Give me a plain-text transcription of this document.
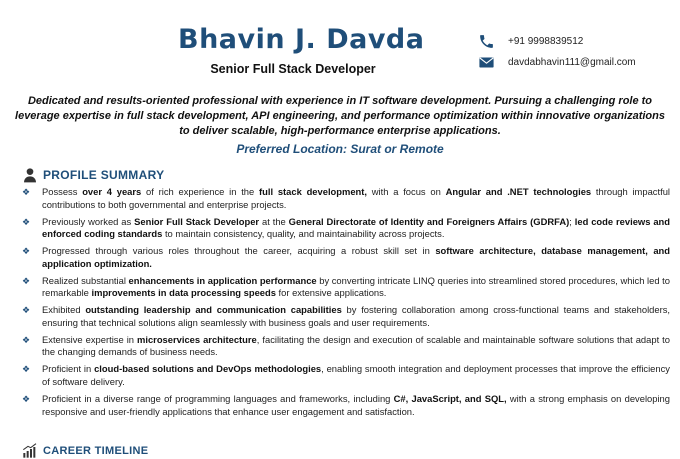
Bhavin J. Davda
Senior Full Stack Developer
+91 9998839512
davdabhavin111@gmail.com
Dedicated and results-oriented professional with experience in IT software development. Pursuing a challenging role to leverage expertise in full stack development, API engineering, and performance optimization within innovative organizations to deliver scalable, high-performance enterprise applications.
Preferred Location: Surat or Remote
PROFILE SUMMARY
❖ Possess over 4 years of rich experience in the full stack development, with a focus on Angular and .NET technologies through impactful contributions to both governmental and enterprise projects.
❖ Previously worked as Senior Full Stack Developer at the General Directorate of Identity and Foreigners Affairs (GDRFA); led code reviews and enforced coding standards to maintain consistency, quality, and maintainability across projects.
❖ Progressed through various roles throughout the career, acquiring a robust skill set in software architecture, database management, and application optimization.
❖ Realized substantial enhancements in application performance by converting intricate LINQ queries into streamlined stored procedures, which led to remarkable improvements in data processing speeds for extensive applications.
❖ Exhibited outstanding leadership and communication capabilities by fostering collaboration among cross-functional teams and stakeholders, ensuring that technical solutions align seamlessly with business goals and user requirements.
❖ Extensive expertise in microservices architecture, facilitating the design and execution of scalable and maintainable software solutions that adapt to the changing demands of business needs.
❖ Proficient in cloud-based solutions and DevOps methodologies, enabling smooth integration and deployment processes that improve the efficiency of software delivery.
❖ Proficient in a diverse range of programming languages and frameworks, including C#, JavaScript, and SQL, with a strong emphasis on developing responsive and user-friendly applications that enhance user engagement and satisfaction.
CAREER TIMELINE
